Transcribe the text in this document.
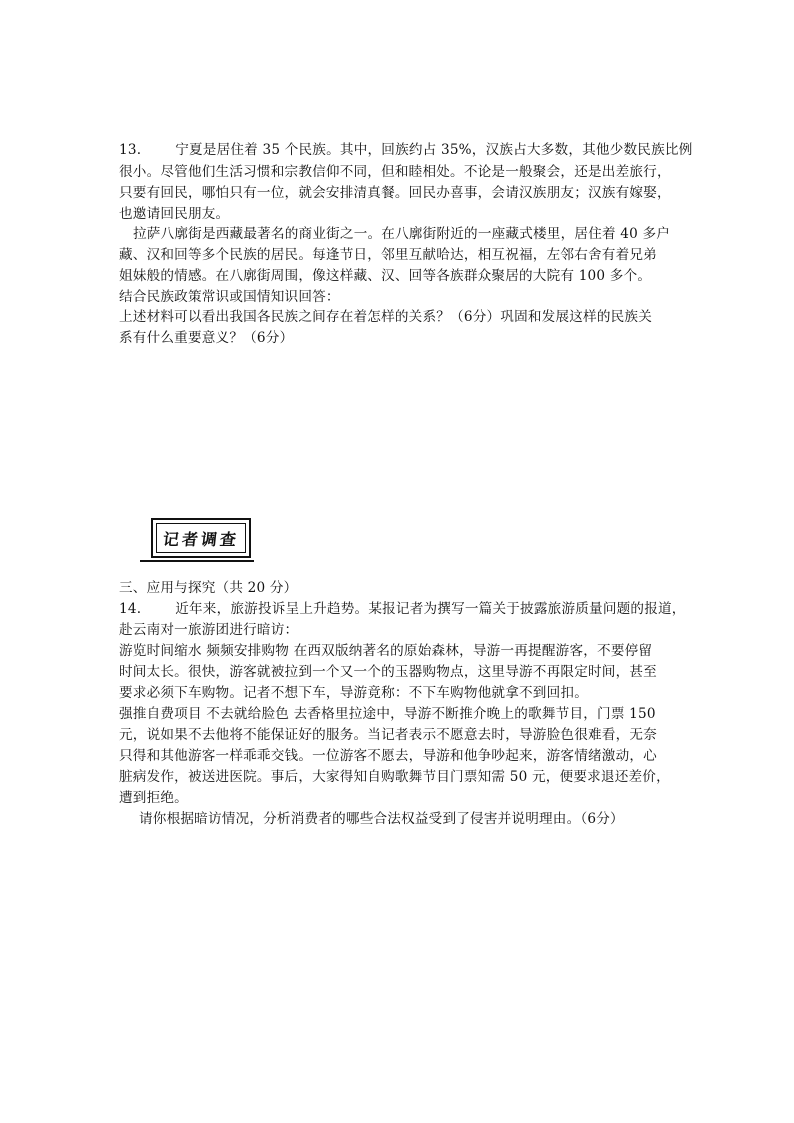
13.	宁夏是居住着 35 个民族。其中，回族约占 35%，汉族占大多数，其他少数民族比例
很小。尽管他们生活习惯和宗教信仰不同，但和睦相处。不论是一般聚会，还是出差旅行，
只要有回民，哪怕只有一位，就会安排清真餐。回民办喜事，会请汉族朋友；汉族有嫁娶，
也邀请回民朋友。
拉萨八廓街是西藏最著名的商业街之一。在八廓街附近的一座藏式楼里，居住着 40 多户
藏、汉和回等多个民族的居民。每逢节日，邻里互献哈达，相互祝福，左邻右舍有着兄弟
姐妹般的情感。在八廓街周围，像这样藏、汉、回等各族群众聚居的大院有 100 多个。
结合民族政策常识或国情知识回答：
上述材料可以看出我国各民族之间存在着怎样的关系？（6分）巩固和发展这样的民族关
系有什么重要意义？（6分）
记者调查
三、应用与探究（共 20 分）
14.	近年来，旅游投诉呈上升趋势。某报记者为撰写一篇关于披露旅游质量问题的报道，
赴云南对一旅游团进行暗访：
游览时间缩水 频频安排购物 在西双版纳著名的原始森林，导游一再提醒游客，不要停留
时间太长。很快，游客就被拉到一个又一个的玉器购物点，这里导游不再限定时间，甚至
要求必须下车购物。记者不想下车，导游竟称：不下车购物他就拿不到回扣。
强推自费项目 不去就给脸色 去香格里拉途中，导游不断推介晚上的歌舞节目，门票 150
元，说如果不去他将不能保证好的服务。当记者表示不愿意去时，导游脸色很难看，无奈
只得和其他游客一样乖乖交钱。一位游客不愿去，导游和他争吵起来，游客情绪激动，心
脏病发作，被送进医院。事后，大家得知自购歌舞节目门票知需 50 元，便要求退还差价，
遭到拒绝。
请你根据暗访情况，分析消费者的哪些合法权益受到了侵害并说明理由。（6分）
